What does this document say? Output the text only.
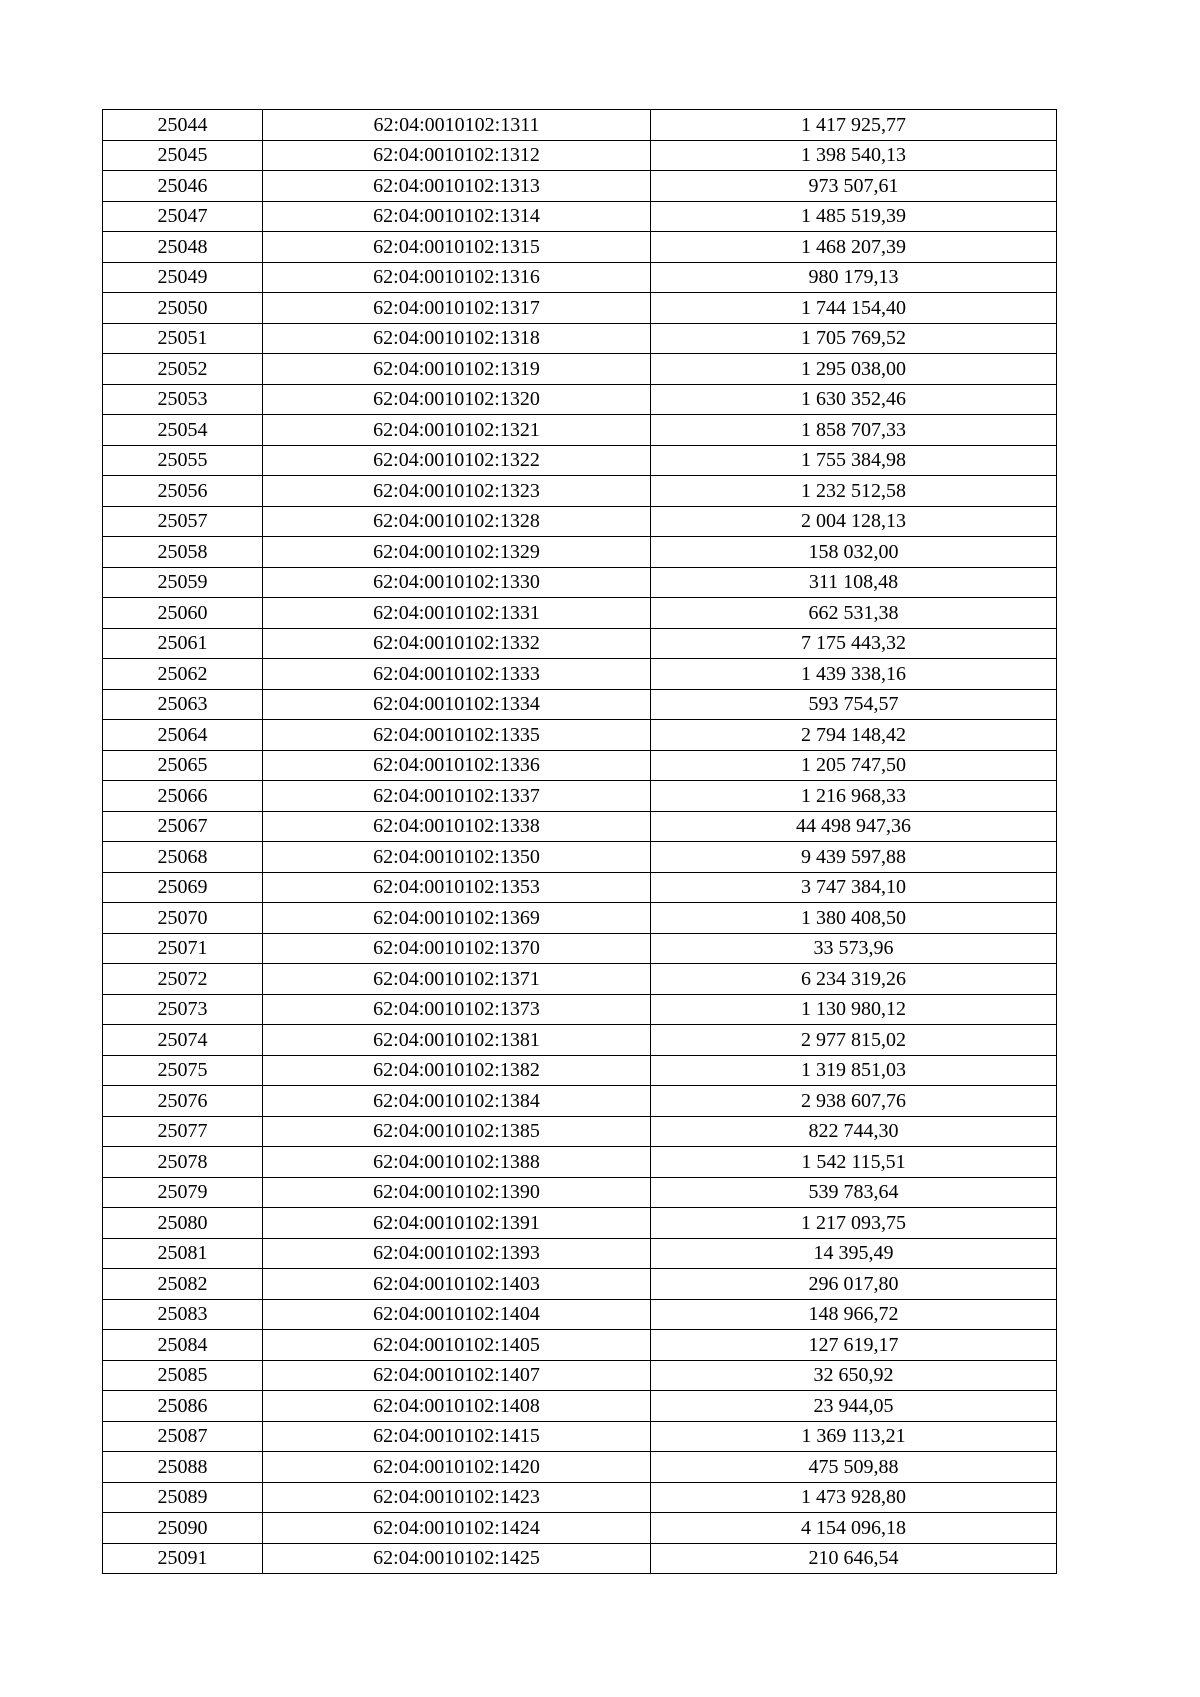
25044	62:04:0010102:1311	1 417 925,77
25045	62:04:0010102:1312	1 398 540,13
25046	62:04:0010102:1313	973 507,61
25047	62:04:0010102:1314	1 485 519,39
25048	62:04:0010102:1315	1 468 207,39
25049	62:04:0010102:1316	980 179,13
25050	62:04:0010102:1317	1 744 154,40
25051	62:04:0010102:1318	1 705 769,52
25052	62:04:0010102:1319	1 295 038,00
25053	62:04:0010102:1320	1 630 352,46
25054	62:04:0010102:1321	1 858 707,33
25055	62:04:0010102:1322	1 755 384,98
25056	62:04:0010102:1323	1 232 512,58
25057	62:04:0010102:1328	2 004 128,13
25058	62:04:0010102:1329	158 032,00
25059	62:04:0010102:1330	311 108,48
25060	62:04:0010102:1331	662 531,38
25061	62:04:0010102:1332	7 175 443,32
25062	62:04:0010102:1333	1 439 338,16
25063	62:04:0010102:1334	593 754,57
25064	62:04:0010102:1335	2 794 148,42
25065	62:04:0010102:1336	1 205 747,50
25066	62:04:0010102:1337	1 216 968,33
25067	62:04:0010102:1338	44 498 947,36
25068	62:04:0010102:1350	9 439 597,88
25069	62:04:0010102:1353	3 747 384,10
25070	62:04:0010102:1369	1 380 408,50
25071	62:04:0010102:1370	33 573,96
25072	62:04:0010102:1371	6 234 319,26
25073	62:04:0010102:1373	1 130 980,12
25074	62:04:0010102:1381	2 977 815,02
25075	62:04:0010102:1382	1 319 851,03
25076	62:04:0010102:1384	2 938 607,76
25077	62:04:0010102:1385	822 744,30
25078	62:04:0010102:1388	1 542 115,51
25079	62:04:0010102:1390	539 783,64
25080	62:04:0010102:1391	1 217 093,75
25081	62:04:0010102:1393	14 395,49
25082	62:04:0010102:1403	296 017,80
25083	62:04:0010102:1404	148 966,72
25084	62:04:0010102:1405	127 619,17
25085	62:04:0010102:1407	32 650,92
25086	62:04:0010102:1408	23 944,05
25087	62:04:0010102:1415	1 369 113,21
25088	62:04:0010102:1420	475 509,88
25089	62:04:0010102:1423	1 473 928,80
25090	62:04:0010102:1424	4 154 096,18
25091	62:04:0010102:1425	210 646,54
